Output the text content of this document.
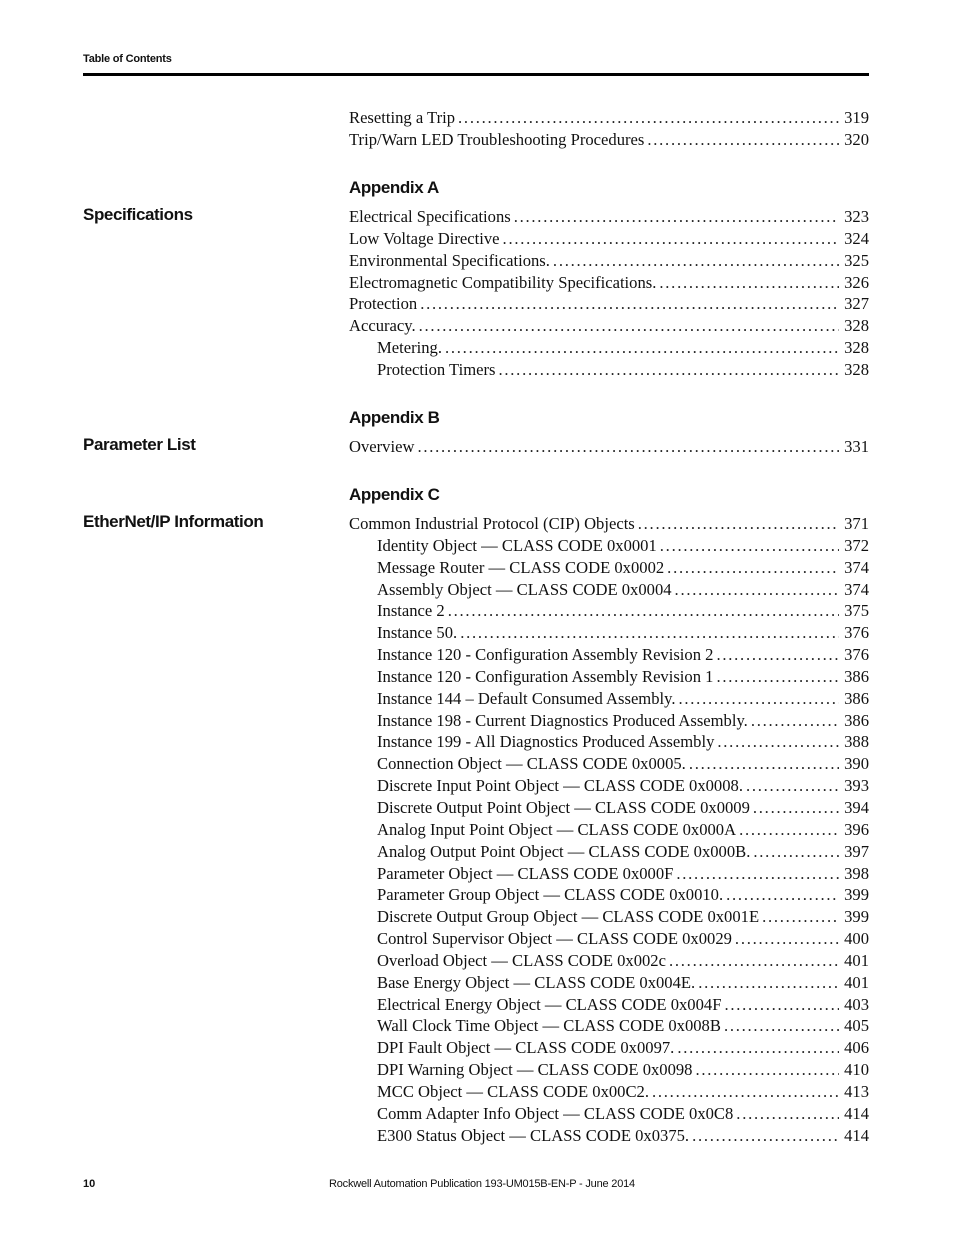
Table of Contents
Resetting a Trip . . .	319
Trip/Warn LED Troubleshooting Procedures . . .	320
Appendix A
Specifications	Electrical Specifications . . .	323
Low Voltage Directive . . .	324
Environmental Specifications. . . .	325
Electromagnetic Compatibility Specifications. . . .	326
Protection . . .	327
Accuracy. . . .	328
Metering. . . .	328
Protection Timers . . .	328
Appendix B
Parameter List	Overview . . .	331
Appendix C
EtherNet/IP Information	Common Industrial Protocol (CIP) Objects . . .	371
Identity Object — CLASS CODE 0x0001 . . .	372
Message Router — CLASS CODE 0x0002 . . .	374
Assembly Object — CLASS CODE 0x0004 . . .	374
Instance 2 . . .	375
Instance 50. . . .	376
Instance 120 - Configuration Assembly Revision 2 . . .	376
Instance 120 - Configuration Assembly Revision 1 . . .	386
Instance 144 – Default Consumed Assembly. . . .	386
Instance 198 - Current Diagnostics Produced Assembly. . . .	386
Instance 199 - All Diagnostics Produced Assembly . . .	388
Connection Object — CLASS CODE 0x0005. . . .	390
Discrete Input Point Object — CLASS CODE 0x0008. . . .	393
Discrete Output Point Object — CLASS CODE 0x0009 . . .	394
Analog Input Point Object — CLASS CODE 0x000A . . .	396
Analog Output Point Object — CLASS CODE 0x000B. . . .	397
Parameter Object — CLASS CODE 0x000F . . .	398
Parameter Group Object — CLASS CODE 0x0010. . . .	399
Discrete Output Group Object — CLASS CODE 0x001E . . .	399
Control Supervisor Object — CLASS CODE 0x0029 . . .	400
Overload Object — CLASS CODE 0x002c . . .	401
Base Energy Object — CLASS CODE 0x004E. . . .	401
Electrical Energy Object — CLASS CODE 0x004F . . .	403
Wall Clock Time Object — CLASS CODE 0x008B . . .	405
DPI Fault Object — CLASS CODE 0x0097. . . .	406
DPI Warning Object — CLASS CODE 0x0098 . . .	410
MCC Object — CLASS CODE 0x00C2. . . .	413
Comm Adapter Info Object — CLASS CODE 0x0C8 . . .	414
E300 Status Object — CLASS CODE 0x0375. . . .	414
10	Rockwell Automation Publication 193-UM015B-EN-P - June 2014
